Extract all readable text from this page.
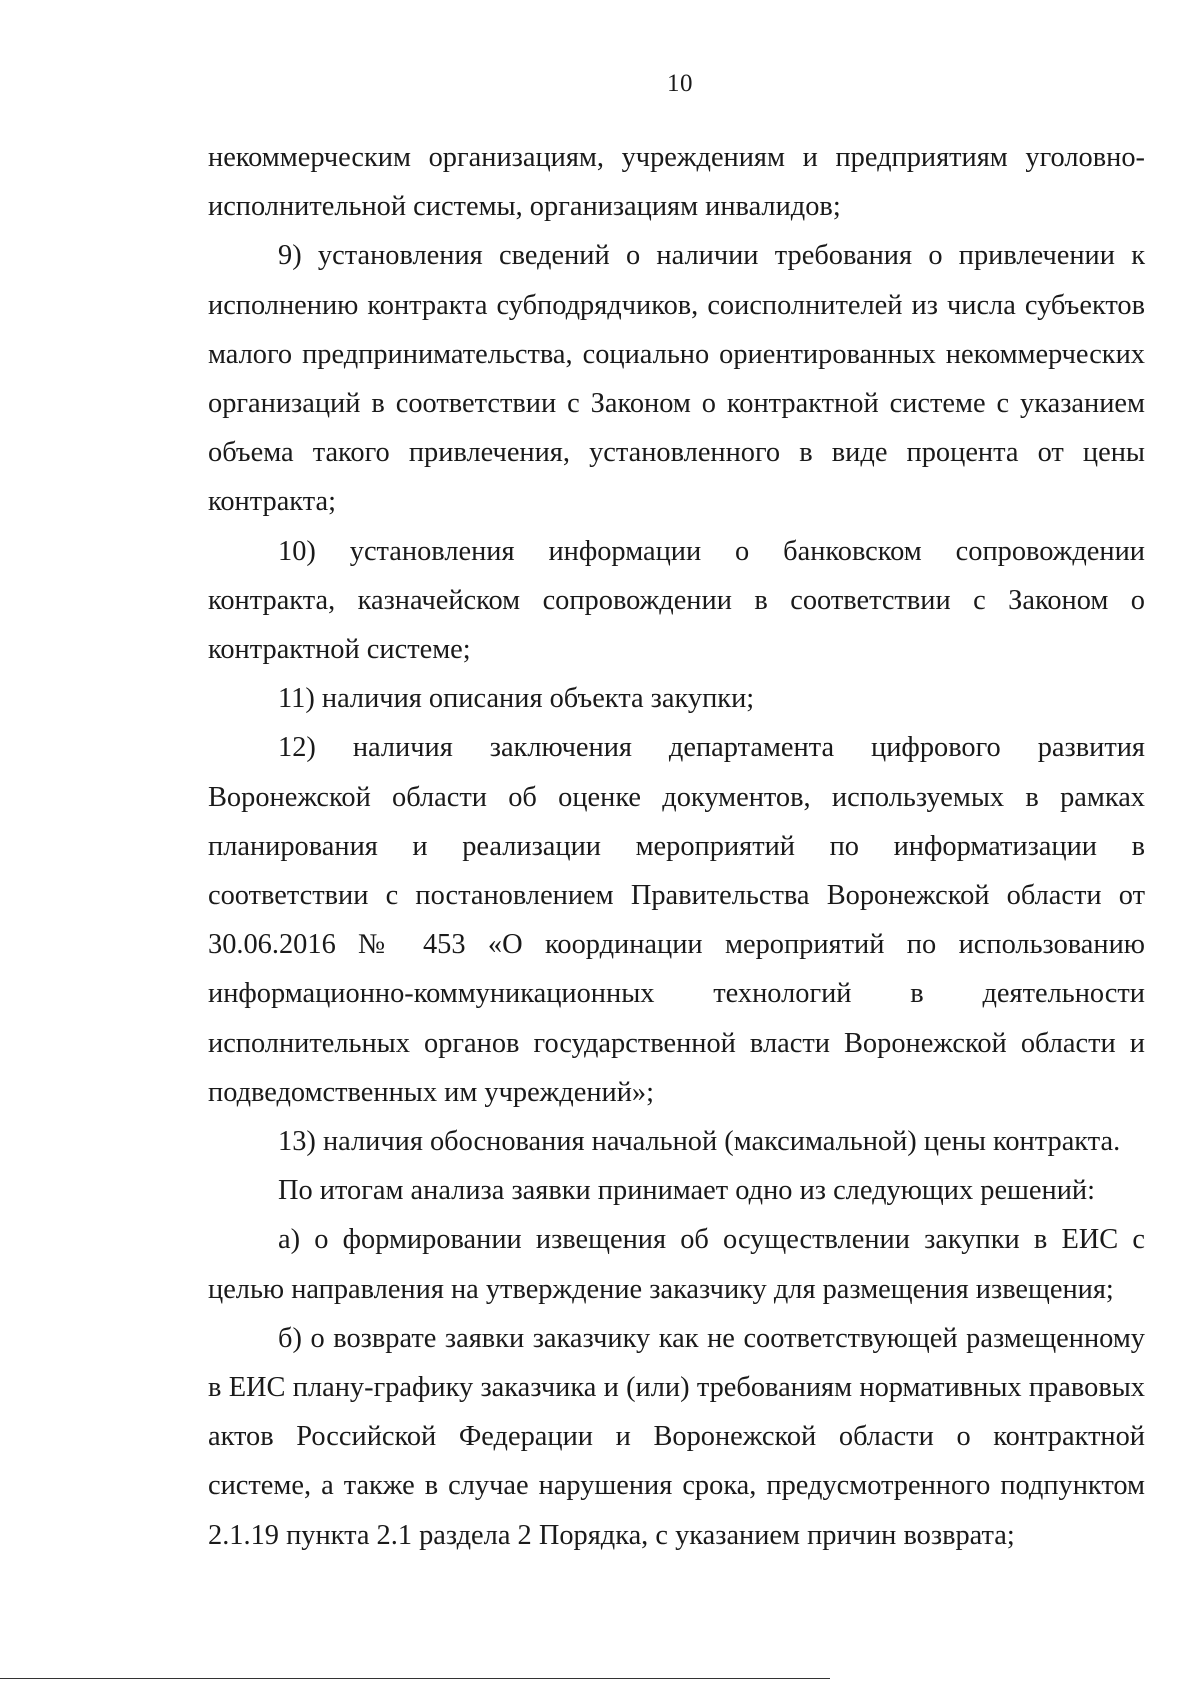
10

некоммерческим организациям, учреждениям и предприятиям уголовно-исполнительной системы, организациям инвалидов;

9) установления сведений о наличии требования о привлечении к исполнению контракта субподрядчиков, соисполнителей из числа субъектов малого предпринимательства, социально ориентированных некоммерческих организаций в соответствии с Законом о контрактной системе с указанием объема такого привлечения, установленного в виде процента от цены контракта;

10) установления информации о банковском сопровождении контракта, казначейском сопровождении в соответствии с Законом о контрактной системе;

11) наличия описания объекта закупки;

12) наличия заключения департамента цифрового развития Воронежской области об оценке документов, используемых в рамках планирования и реализации мероприятий по информатизации в соответствии с постановлением Правительства Воронежской области от 30.06.2016 № 453 «О координации мероприятий по использованию информационно-коммуникационных технологий в деятельности исполнительных органов государственной власти Воронежской области и подведомственных им учреждений»;

13) наличия обоснования начальной (максимальной) цены контракта.

По итогам анализа заявки принимает одно из следующих решений:

а) о формировании извещения об осуществлении закупки в ЕИС с целью направления на утверждение заказчику для размещения извещения;

б) о возврате заявки заказчику как не соответствующей размещенному в ЕИС плану-графику заказчика и (или) требованиям нормативных правовых актов Российской Федерации и Воронежской области о контрактной системе, а также в случае нарушения срока, предусмотренного подпунктом 2.1.19 пункта 2.1 раздела 2 Порядка, с указанием причин возврата;
